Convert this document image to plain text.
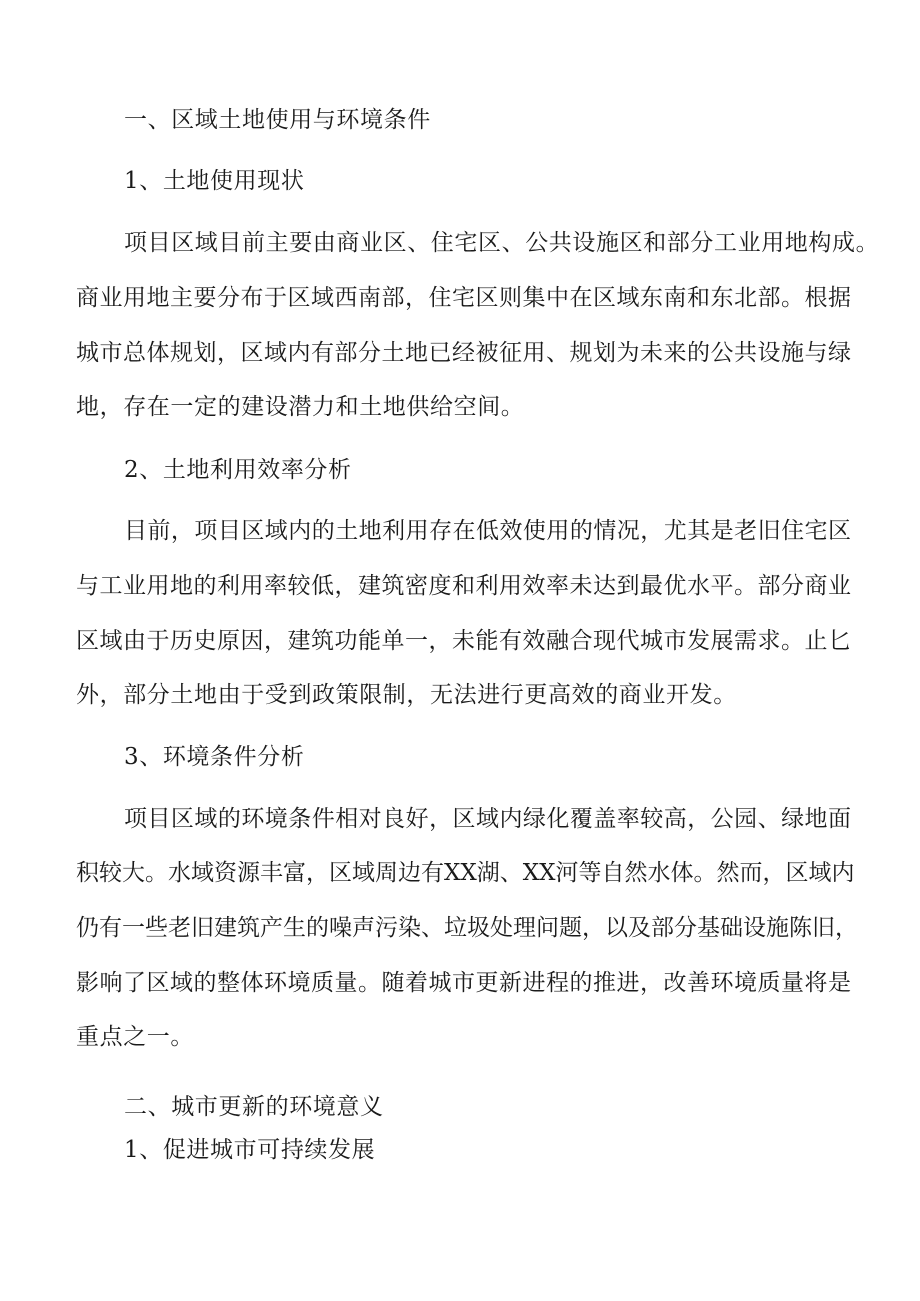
一、区域土地使用与环境条件
1、土地使用现状
项目区域目前主要由商业区、住宅区、公共设施区和部分工业用地构成。
商业用地主要分布于区域西南部，住宅区则集中在区域东南和东北部。根据
城市总体规划，区域内有部分土地已经被征用、规划为未来的公共设施与绿
地，存在一定的建设潜力和土地供给空间。
2、土地利用效率分析
目前，项目区域内的土地利用存在低效使用的情况，尤其是老旧住宅区
与工业用地的利用率较低，建筑密度和利用效率未达到最优水平。部分商业
区域由于历史原因，建筑功能单一，未能有效融合现代城市发展需求。止匕
外，部分土地由于受到政策限制，无法进行更高效的商业开发。
3、环境条件分析
项目区域的环境条件相对良好，区域内绿化覆盖率较高，公园、绿地面
积较大。水域资源丰富，区域周边有XX湖、XX河等自然水体。然而，区域内
仍有一些老旧建筑产生的噪声污染、垃圾处理问题，以及部分基础设施陈旧，
影响了区域的整体环境质量。随着城市更新进程的推进，改善环境质量将是
重点之一。
二、城市更新的环境意义
1、促进城市可持续发展
